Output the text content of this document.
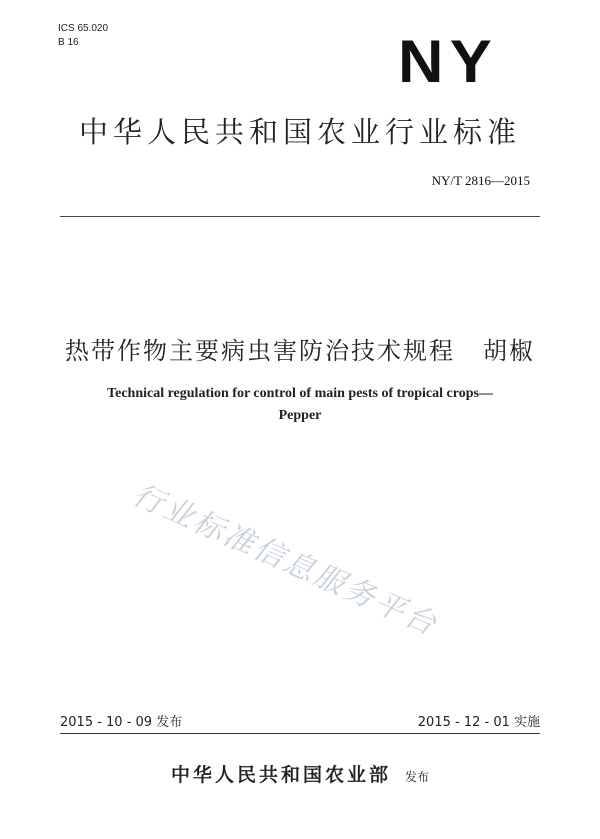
ICS 65.020
B 16	NY
中华人民共和国农业行业标准
NY/T 2816—2015
热带作物主要病虫害防治技术规程 胡椒
Technical regulation for control of main pests of tropical crops—
Pepper
行业标准信息服务平台
2015 - 10 - 09 发布	2015 - 12 - 01 实施
中华人民共和国农业部 发布
